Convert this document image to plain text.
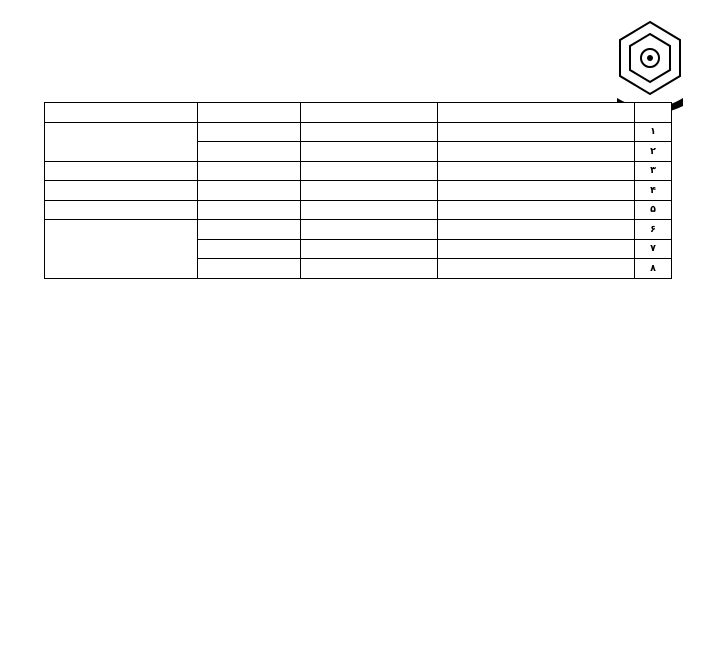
۱				
۲				
۳				
۴				
۵				
۶				
۷				
۸				
